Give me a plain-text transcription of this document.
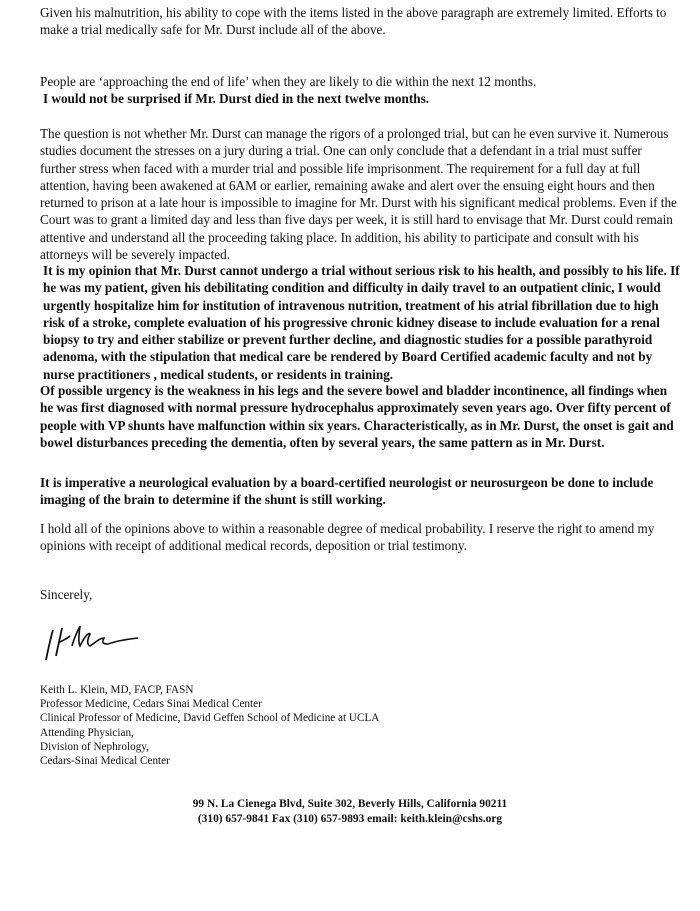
Given his malnutrition, his ability to cope with the items listed in the above paragraph are extremely limited. Efforts to make a trial medically safe for Mr. Durst include all of the above.

People are ‘approaching the end of life’ when they are likely to die within the next 12 months.

I would not be surprised if Mr. Durst died in the next twelve months.

The question is not whether Mr. Durst can manage the rigors of a prolonged trial, but can he even survive it. Numerous studies document the stresses on a jury during a trial. One can only conclude that a defendant in a trial must suffer further stress when faced with a murder trial and possible life imprisonment. The requirement for a full day at full attention, having been awakened at 6AM or earlier, remaining awake and alert over the ensuing eight hours and then returned to prison at a late hour is impossible to imagine for Mr. Durst with his significant medical problems. Even if the Court was to grant a limited day and less than five days per week, it is still hard to envisage that Mr. Durst could remain attentive and understand all the proceeding taking place. In addition, his ability to participate and consult with his attorneys will be severely impacted.

It is my opinion that Mr. Durst cannot undergo a trial without serious risk to his health, and possibly to his life. If he was my patient, given his debilitating condition and difficulty in daily travel to an outpatient clinic, I would urgently hospitalize him for institution of intravenous nutrition, treatment of his atrial fibrillation due to high risk of a stroke, complete evaluation of his progressive chronic kidney disease to include evaluation for a renal biopsy to try and either stabilize or prevent further decline, and diagnostic studies for a possible parathyroid adenoma, with the stipulation that medical care be rendered by Board Certified academic faculty and not by nurse practitioners , medical students, or residents in training.

Of possible urgency is the weakness in his legs and the severe bowel and bladder incontinence, all findings when he was first diagnosed with normal pressure hydrocephalus approximately seven years ago. Over fifty percent of people with VP shunts have malfunction within six years. Characteristically, as in Mr. Durst, the onset is gait and bowel disturbances preceding the dementia, often by several years, the same pattern as in Mr. Durst.

It is imperative a neurological evaluation by a board-certified neurologist or neurosurgeon be done to include imaging of the brain to determine if the shunt is still working.

I hold all of the opinions above to within a reasonable degree of medical probability. I reserve the right to amend my opinions with receipt of additional medical records, deposition or trial testimony.

Sincerely,
Keith L. Klein, MD, FACP, FASN
Professor Medicine, Cedars Sinai Medical Center
Clinical Professor of Medicine, David Geffen School of Medicine at UCLA
Attending Physician,
Division of Nephrology,
Cedars-Sinai Medical Center
99 N. La Cienega Blvd, Suite 302, Beverly Hills, California 90211
(310) 657-9841 Fax (310) 657-9893 email: keith.klein@cshs.org
